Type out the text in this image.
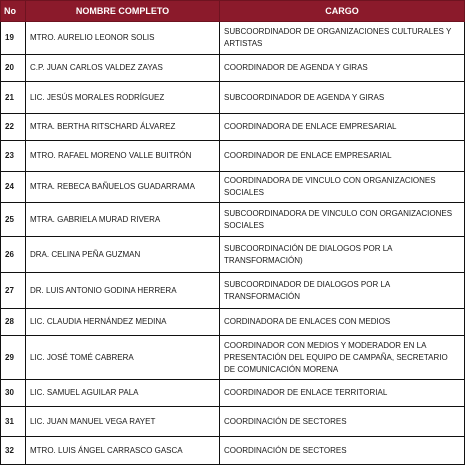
No	NOMBRE COMPLETO	CARGO
19	MTRO. AURELIO LEONOR SOLIS	SUBCOORDINADOR DE ORGANIZACIONES CULTURALES Y ARTISTAS
20	C.P. JUAN CARLOS VALDEZ ZAYAS	COORDINADOR DE AGENDA Y GIRAS
21	LIC. JESÚS MORALES RODRÍGUEZ	SUBCOORDINADOR DE AGENDA Y GIRAS
22	MTRA. BERTHA RITSCHARD ÁLVAREZ	COORDINADORA DE ENLACE EMPRESARIAL
23	MTRO. RAFAEL MORENO VALLE BUITRÓN	COORDINADOR DE ENLACE EMPRESARIAL
24	MTRA. REBECA BAÑUELOS GUADARRAMA	COORDINADORA DE VINCULO CON ORGANIZACIONES SOCIALES
25	MTRA. GABRIELA MURAD RIVERA	SUBCOORDINADORA DE VINCULO CON ORGANIZACIONES SOCIALES
26	DRA. CELINA PEÑA GUZMAN	SUBCOORDINACIÓN DE DIALOGOS POR LA TRANSFORMACIÓN)
27	DR. LUIS ANTONIO GODINA HERRERA	SUBCOORDINADOR DE DIALOGOS POR LA TRANSFORMACIÓN
28	LIC. CLAUDIA HERNÁNDEZ MEDINA	CORDINADORA DE ENLACES CON MEDIOS
29	LIC. JOSÉ TOMÉ CABRERA	COORDINADOR CON MEDIOS Y MODERADOR EN LA PRESENTACIÓN DEL EQUIPO DE CAMPAÑA, SECRETARIO DE COMUNICACIÓN MORENA
30	LIC. SAMUEL AGUILAR PALA	COORDINADOR DE ENLACE TERRITORIAL
31	LIC. JUAN MANUEL VEGA RAYET	COORDINACIÓN DE SECTORES
32	MTRO. LUIS ÁNGEL CARRASCO GASCA	COORDINACIÓN DE SECTORES
